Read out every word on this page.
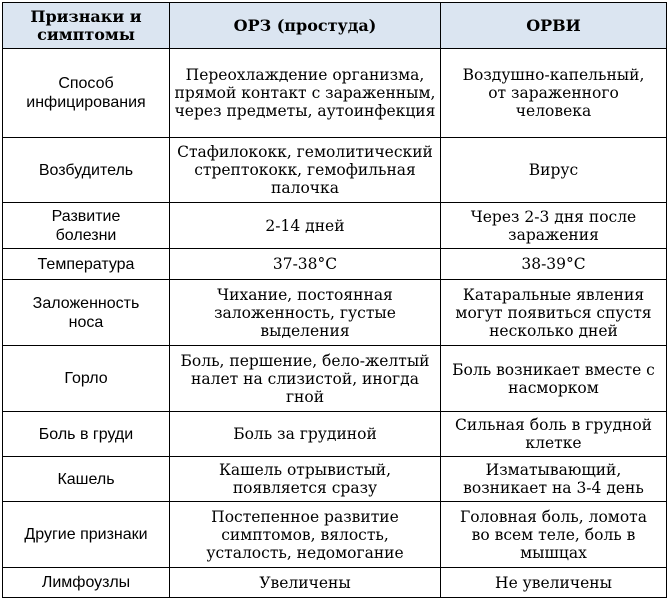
Признаки и симптомы	ОРЗ (простуда)	ОРВИ
Способ инфицирования	Переохлаждение организма, прямой контакт с зараженным, через предметы, аутоинфекция	Воздушно-капельный, от зараженного человека
Возбудитель	Стафилококк, гемолитический стрептококк, гемофильная палочка	Вирус
Развитие болезни	2-14 дней	Через 2-3 дня после заражения
Температура	37-38°C	38-39°C
Заложенность носа	Чихание, постоянная заложенность, густые выделения	Катаральные явления могут появиться спустя несколько дней
Горло	Боль, першение, бело-желтый налет на слизистой, иногда гной	Боль возникает вместе с насморком
Боль в груди	Боль за грудиной	Сильная боль в грудной клетке
Кашель	Кашель отрывистый, появляется сразу	Изматывающий, возникает на 3-4 день
Другие признаки	Постепенное развитие симптомов, вялость, усталость, недомогание	Головная боль, ломота во всем теле, боль в мышцах
Лимфоузлы	Увеличены	Не увеличены
